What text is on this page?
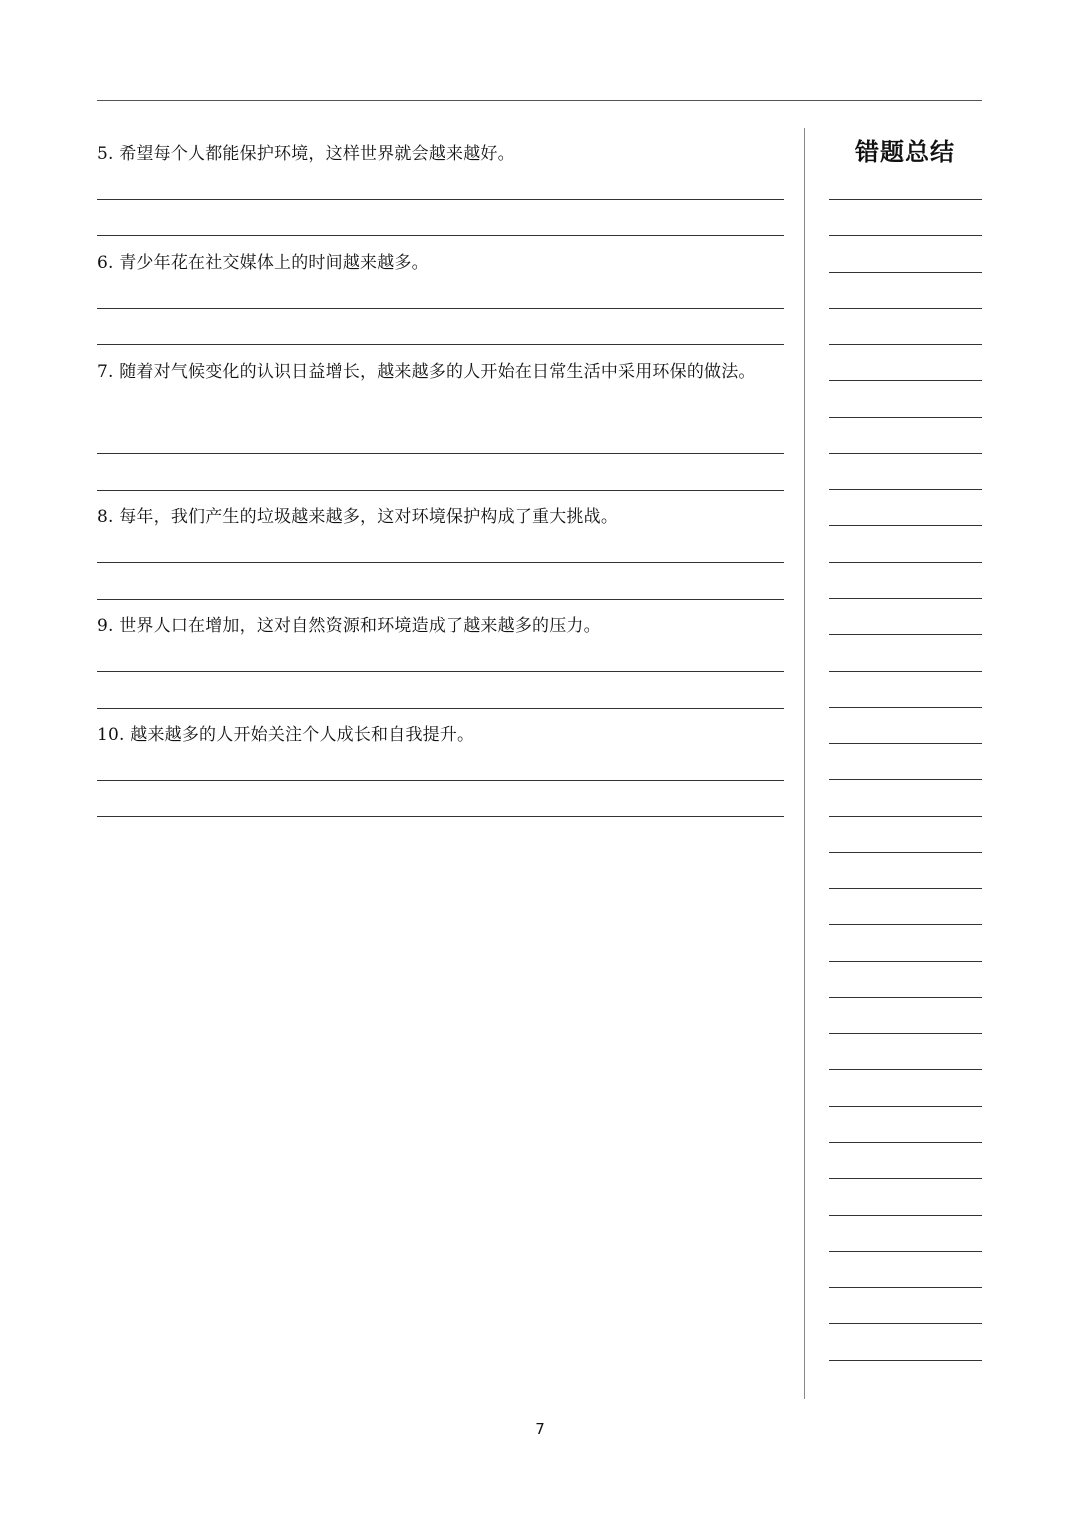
5. 希望每个人都能保护环境，这样世界就会越来越好。
6. 青少年花在社交媒体上的时间越来越多。
7. 随着对气候变化的认识日益增长，越来越多的人开始在日常生活中采用环保的做法。
8. 每年，我们产生的垃圾越来越多，这对环境保护构成了重大挑战。
9. 世界人口在增加，这对自然资源和环境造成了越来越多的压力。
10. 越来越多的人开始关注个人成长和自我提升。
错题总结
7
